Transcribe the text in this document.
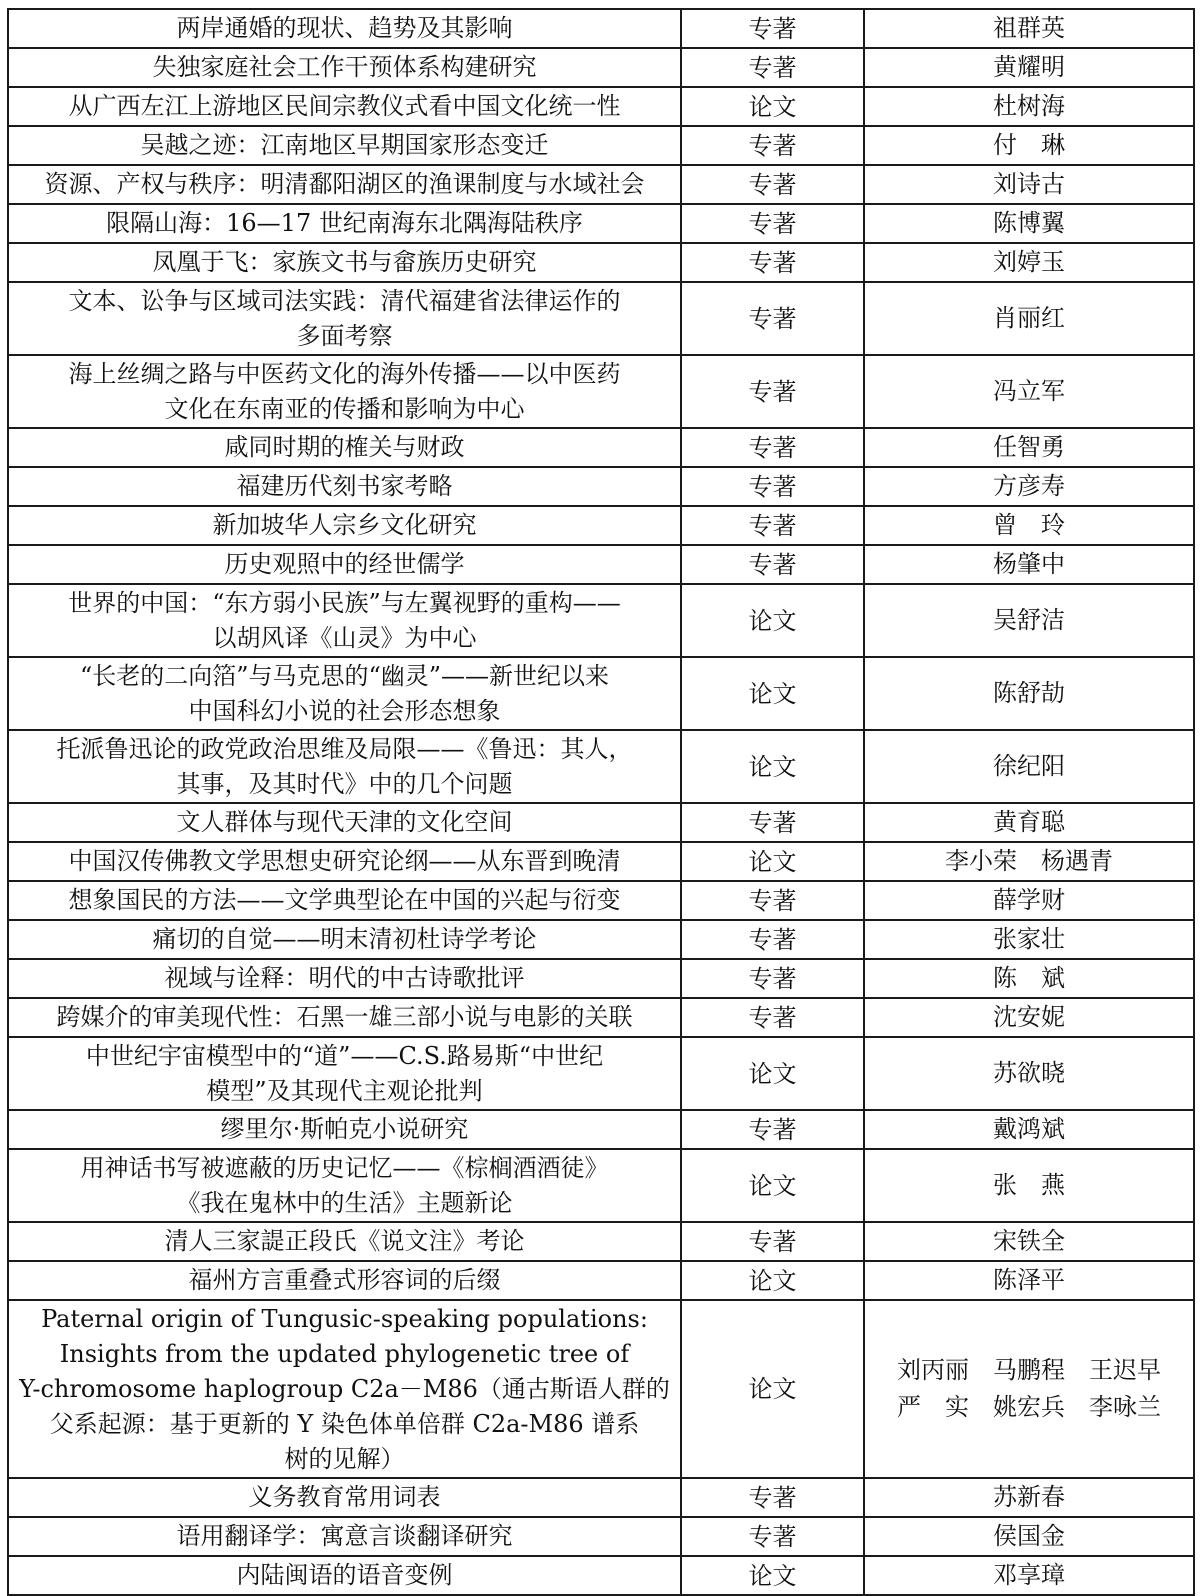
两岸通婚的现状、趋势及其影响	专著	祖群英
失独家庭社会工作干预体系构建研究	专著	黄耀明
从广西左江上游地区民间宗教仪式看中国文化统一性	论文	杜树海
吴越之迹：江南地区早期国家形态变迁	专著	付　琳
资源、产权与秩序：明清鄱阳湖区的渔课制度与水域社会	专著	刘诗古
限隔山海：16—17 世纪南海东北隅海陆秩序	专著	陈博翼
凤凰于飞：家族文书与畲族历史研究	专著	刘婷玉
文本、讼争与区域司法实践：清代福建省法律运作的
多面考察	专著	肖丽红
海上丝绸之路与中医药文化的海外传播——以中医药
文化在东南亚的传播和影响为中心	专著	冯立军
咸同时期的榷关与财政	专著	任智勇
福建历代刻书家考略	专著	方彦寿
新加坡华人宗乡文化研究	专著	曾　玲
历史观照中的经世儒学	专著	杨肇中
世界的中国：“东方弱小民族”与左翼视野的重构——
以胡风译《山灵》为中心	论文	吴舒洁
“长老的二向箔”与马克思的“幽灵”——新世纪以来
中国科幻小说的社会形态想象	论文	陈舒劼
托派鲁迅论的政党政治思维及局限——《鲁迅：其人，
其事，及其时代》中的几个问题	论文	徐纪阳
文人群体与现代天津的文化空间	专著	黄育聪
中国汉传佛教文学思想史研究论纲——从东晋到晚清	论文	李小荣　杨遇青
想象国民的方法——文学典型论在中国的兴起与衍变	专著	薛学财
痛切的自觉——明末清初杜诗学考论	专著	张家壮
视域与诠释：明代的中古诗歌批评	专著	陈　斌
跨媒介的审美现代性：石黑一雄三部小说与电影的关联	专著	沈安妮
中世纪宇宙模型中的“道”——C.S.路易斯“中世纪
模型”及其现代主观论批判	论文	苏欲晓
缪里尔·斯帕克小说研究	专著	戴鸿斌
用神话书写被遮蔽的历史记忆——《棕榈酒酒徒》
《我在鬼林中的生活》主题新论	论文	张　燕
清人三家諟正段氏《说文注》考论	专著	宋铁全
福州方言重叠式形容词的后缀	论文	陈泽平
Paternal origin of Tungusic-speaking populations:
Insights from the updated phylogenetic tree of
Y-chromosome haplogroup C2a－M86（通古斯语人群的
父系起源：基于更新的 Y 染色体单倍群 C2a-M86 谱系
树的见解）	论文	刘丙丽　马鹏程　王迟早
严　实　姚宏兵　李咏兰
义务教育常用词表	专著	苏新春
语用翻译学：寓意言谈翻译研究	专著	侯国金
内陆闽语的语音变例	论文	邓享璋
